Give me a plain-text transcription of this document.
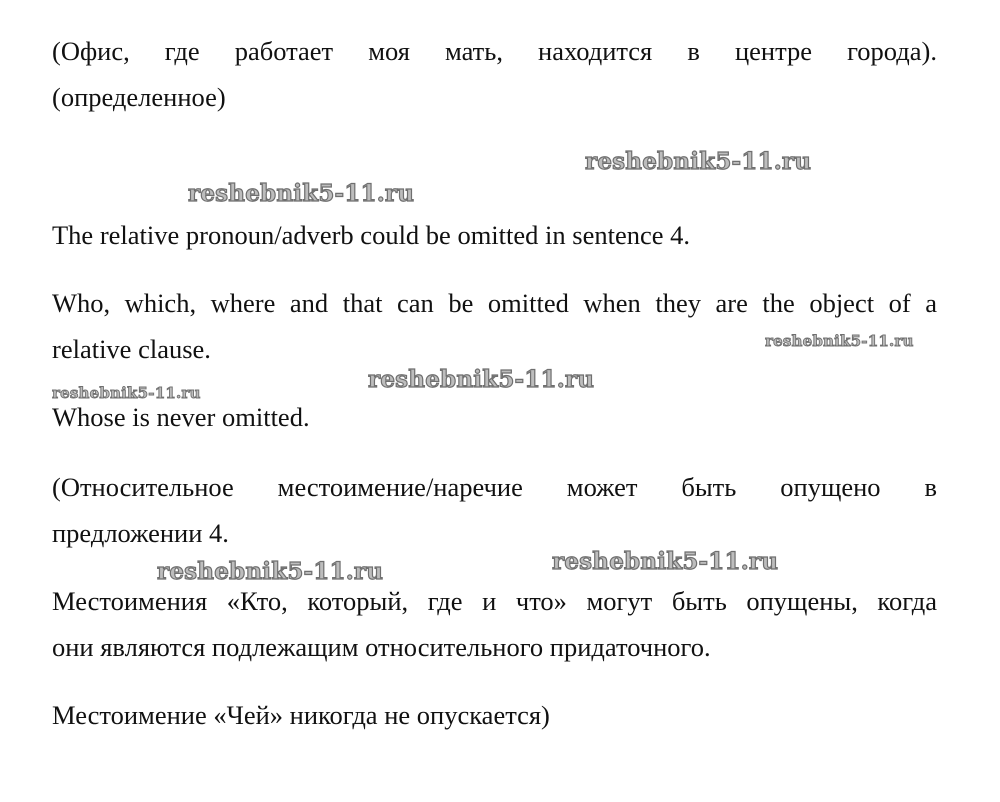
(Офис, где работает моя мать, находится в центре города).
(определенное)

The relative pronoun/adverb could be omitted in sentence 4.

Who, which, where and that can be omitted when they are the object of a
relative clause.

Whose is never omitted.

(Относительное местоимение/наречие может быть опущено в
предложении 4.

Местоимения «Кто, который, где и что» могут быть опущены, когда
они являются подлежащим относительного придаточного.

Местоимение «Чей» никогда не опускается)

reshebnik5-11.ru
reshebnik5-11.ru
reshebnik5-11.ru
reshebnik5-11.ru	reshebnik5-11.ru
reshebnik5-11.ru
reshebnik5-11.ru
